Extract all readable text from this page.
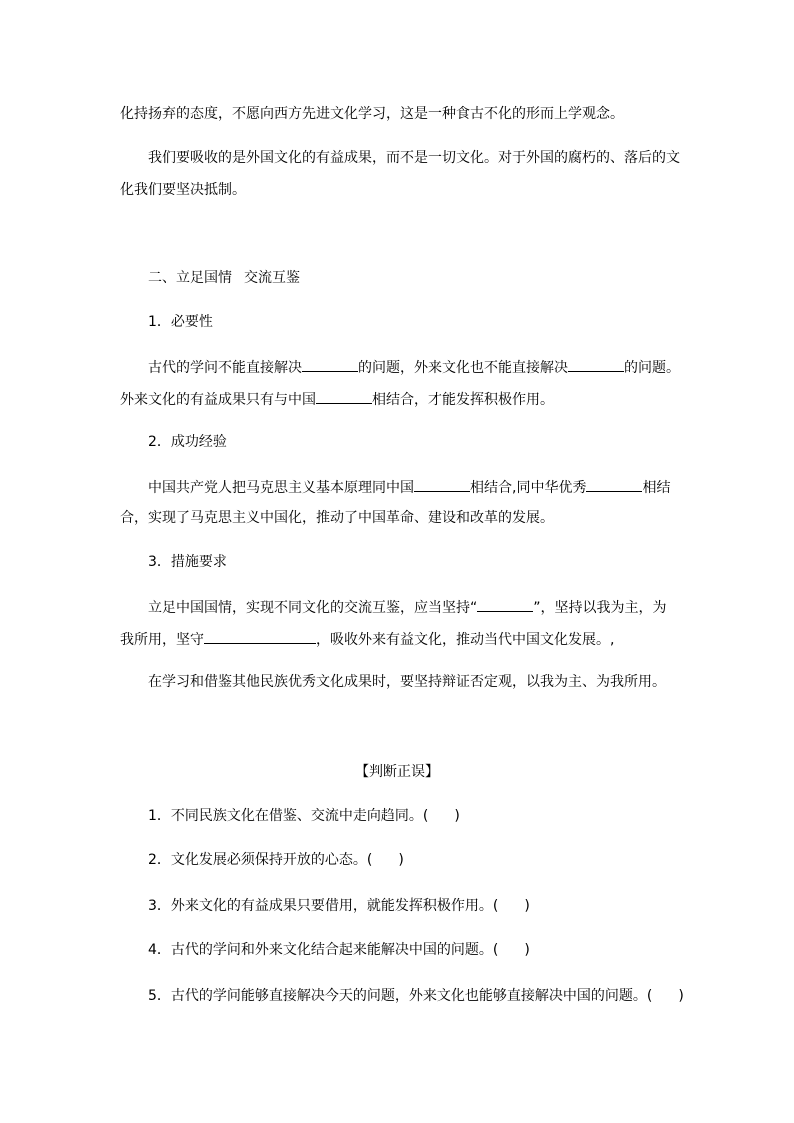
化持扬弃的态度，不愿向西方先进文化学习，这是一种食古不化的形而上学观念。
我们要吸收的是外国文化的有益成果，而不是一切文化。对于外国的腐朽的、落后的文
化我们要坚决抵制。
二、立足国情 交流互鉴
1．必要性
古代的学问不能直接解决	的问题，外来文化也不能直接解决	的问题。
外来文化的有益成果只有与中国	相结合，才能发挥积极作用。
2．成功经验
中国共产党人把马克思主义基本原理同中国	相结合,同中华优秀	相结
合，实现了马克思主义中国化，推动了中国革命、建设和改革的发展。
3．措施要求
立足中国国情，实现不同文化的交流互鉴，应当坚持“	”，坚持以我为主，为
我所用，坚守	，吸收外来有益文化，推动当代中国文化发展。,
在学习和借鉴其他民族优秀文化成果时，要坚持辩证否定观，以我为主、为我所用。
【判断正误】
1．不同民族文化在借鉴、交流中走向趋同。( )
2．文化发展必须保持开放的心态。( )
3．外来文化的有益成果只要借用，就能发挥积极作用。( )
4．古代的学问和外来文化结合起来能解决中国的问题。( )
5．古代的学问能够直接解决今天的问题，外来文化也能够直接解决中国的问题。( )
